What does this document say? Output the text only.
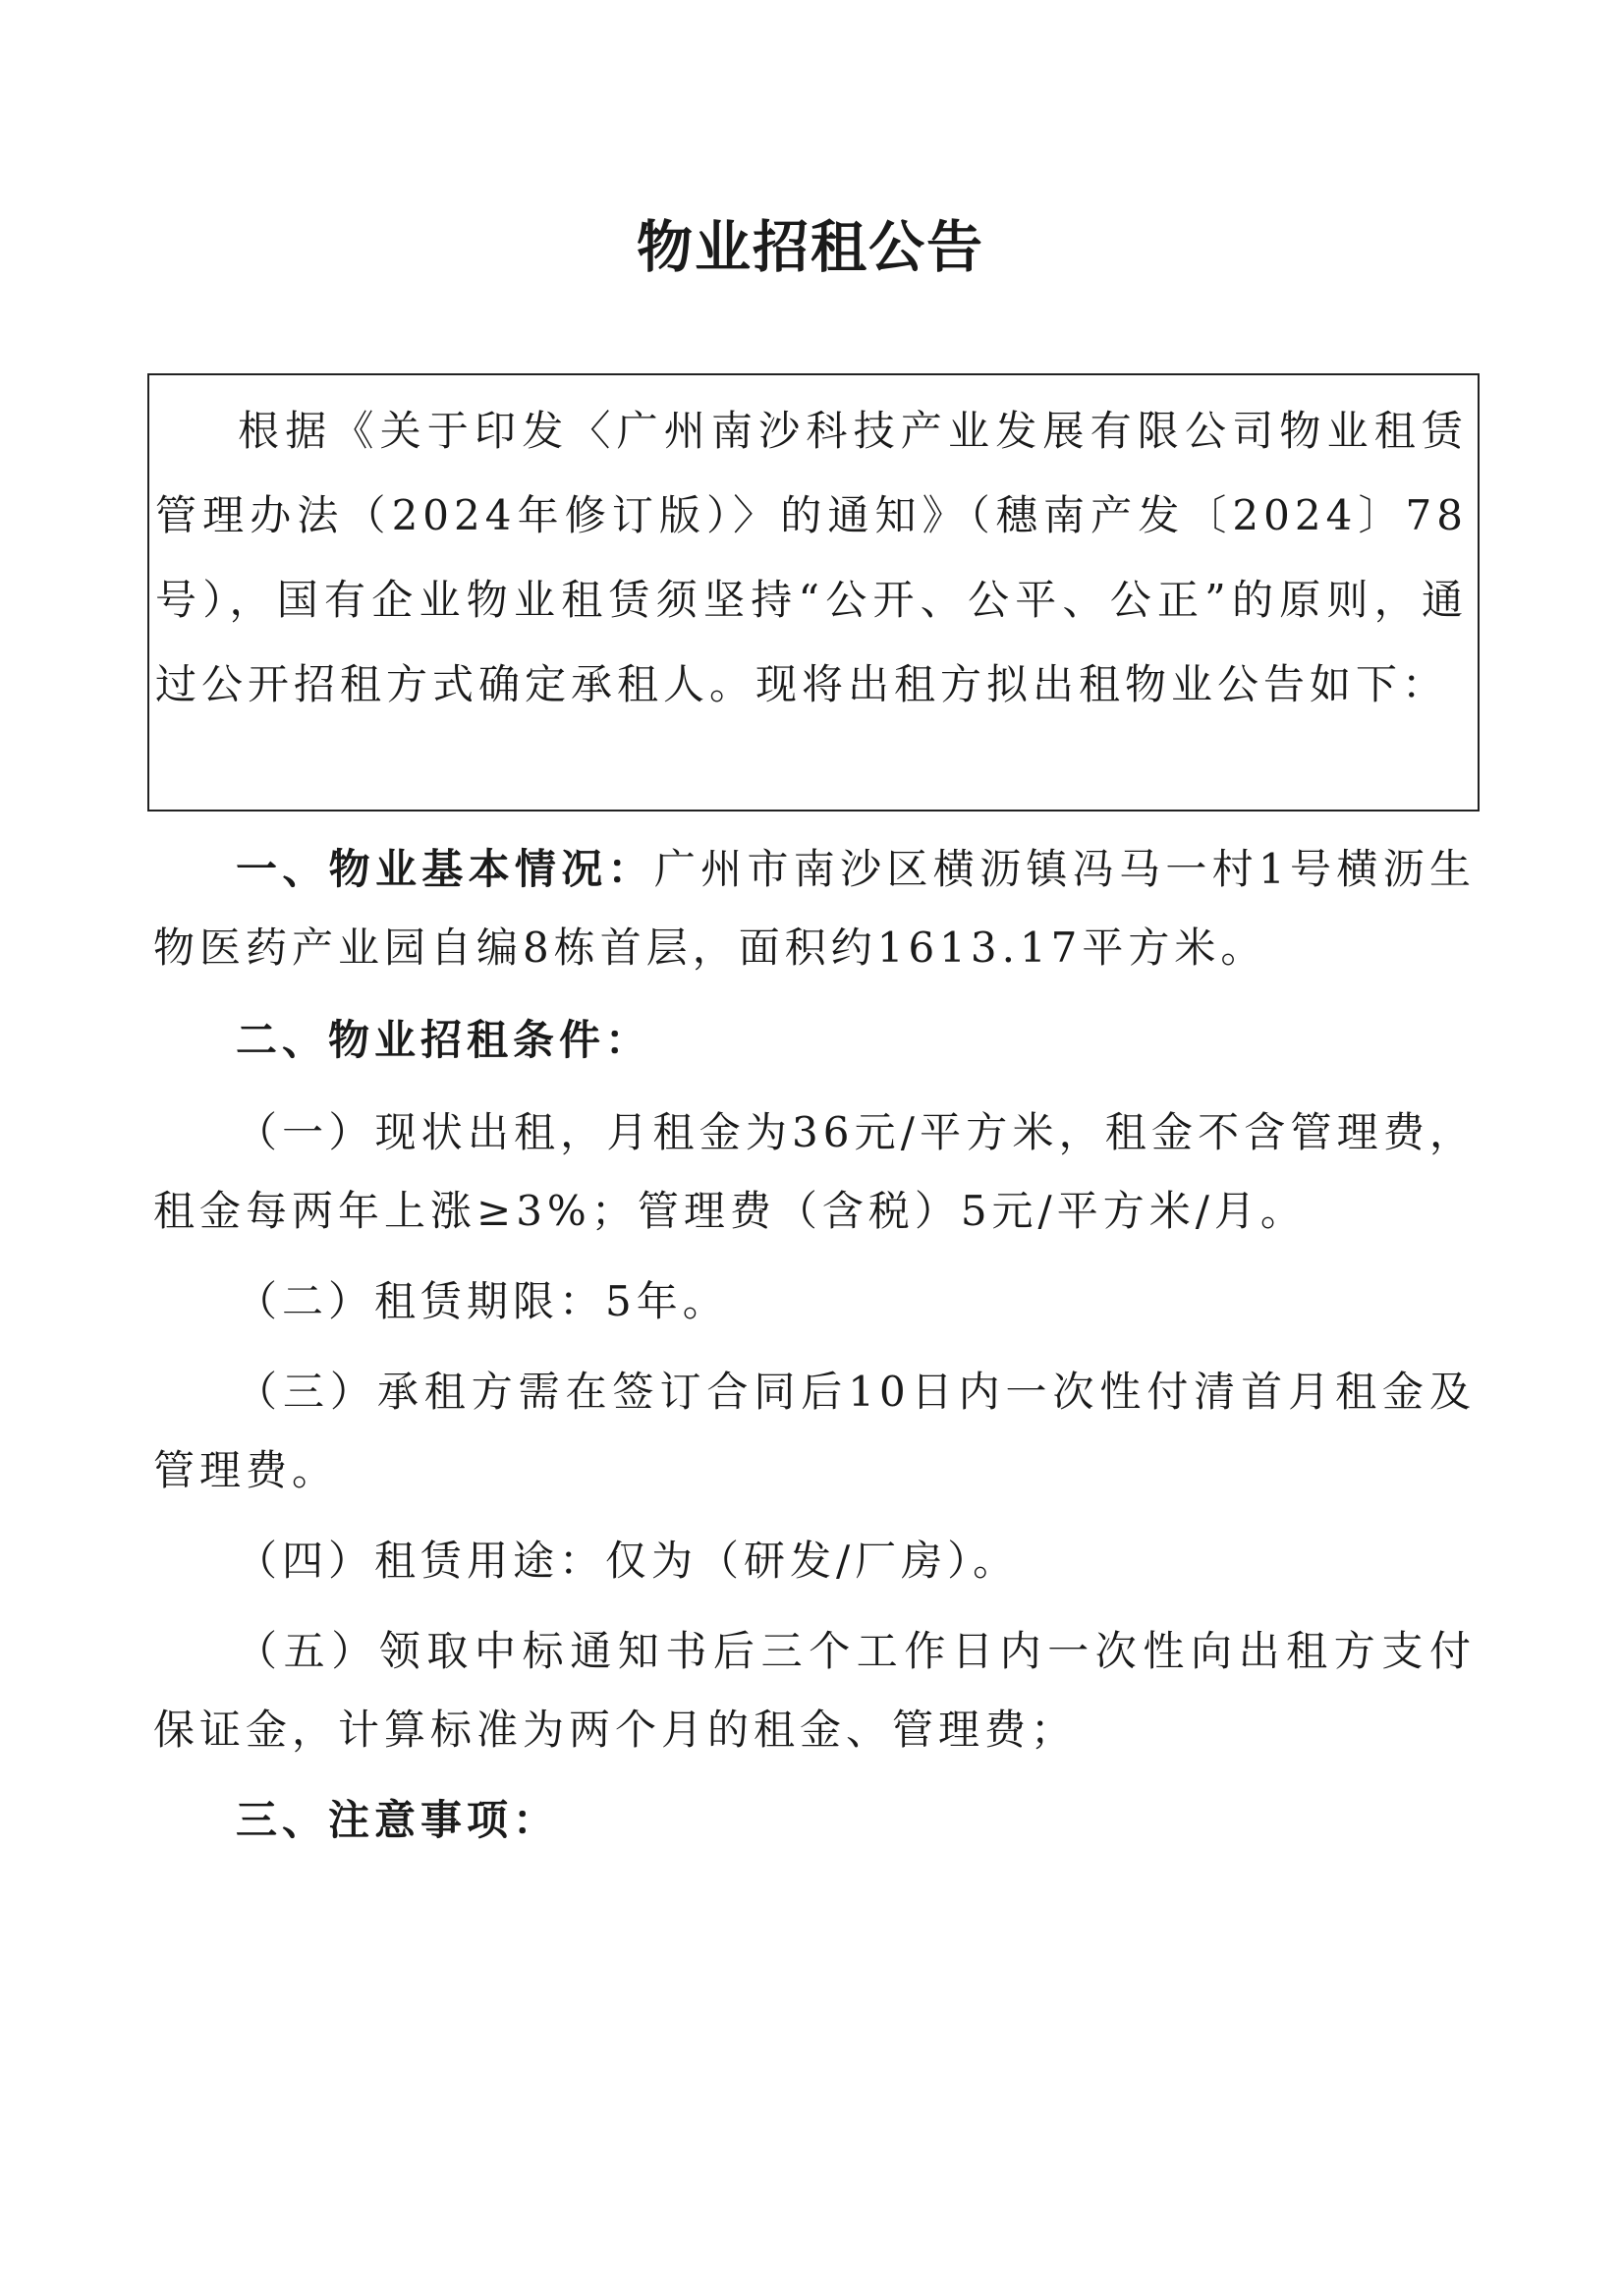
物业招租公告

根据《关于印发〈广州南沙科技产业发展有限公司物业租赁管理办法（2024年修订版）〉的通知》（穗南产发〔2024〕78号），国有企业物业租赁须坚持“公开、公平、公正”的原则，通过公开招租方式确定承租人。现将出租方拟出租物业公告如下：

一、物业基本情况：广州市南沙区横沥镇冯马一村1号横沥生物医药产业园自编8栋首层，面积约1613.17平方米。

二、物业招租条件：

（一）现状出租，月租金为36元/平方米，租金不含管理费，租金每两年上涨≥3%；管理费（含税）5元/平方米/月。

（二）租赁期限：5年。

（三）承租方需在签订合同后10日内一次性付清首月租金及管理费。

（四）租赁用途：仅为（研发/厂房）。

（五）领取中标通知书后三个工作日内一次性向出租方支付保证金，计算标准为两个月的租金、管理费；

三、注意事项：
